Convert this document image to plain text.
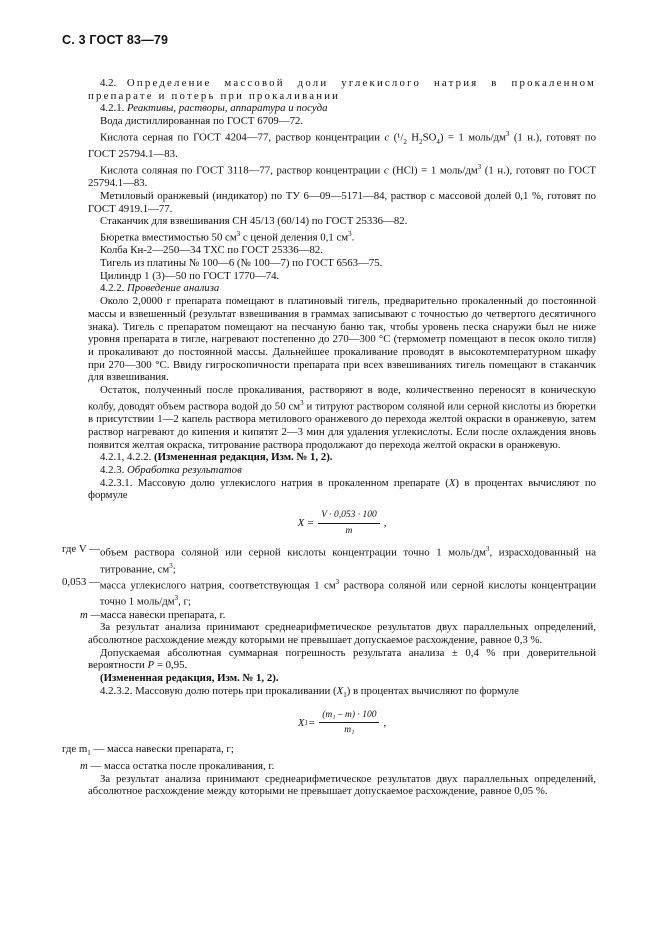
С. 3 ГОСТ 83—79

4.2. Определение массовой доли углекислого натрия в прокаленном препарате и потерь при прокаливании

4.2.1. Реактивы, растворы, аппаратура и посуда

Вода дистиллированная по ГОСТ 6709—72.

Кислота серная по ГОСТ 4204—77, раствор концентрации c ($^1/_2$ $H_2SO_4) = 1$ моль/$дм^3$ (1 н.), готовят по ГОСТ 25794.1—83.

Кислота соляная по ГОСТ 3118—77, раствор концентрации c (HCl) = 1 моль/$дм^3$ (1 н.), готовят по ГОСТ 25794.1—83.

Метиловый оранжевый (индикатор) по ТУ 6—09—5171—84, раствор с массовой долей 0,1 %, готовят по ГОСТ 4919.1—77.

Стаканчик для взвешивания СН 45/13 (60/14) по ГОСТ 25336—82.

Бюретка вместимостью 50 $см^3$ с ценой деления 0,1 $см^3$.

Колба Кн-2—250—34 ТХС по ГОСТ 25336—82.

Тигель из платины № 100—6 (№ 100—7) по ГОСТ 6563—75.

Цилиндр 1 (3)—50 по ГОСТ 1770—74.

4.2.2. Проведение анализа

Около 2,0000 г препарата помещают в платиновый тигель, предварительно прокаленный до постоянной массы и взвешенный (результат взвешивания в граммах записывают с точностью до четвертого десятичного знака). Тигель с препаратом помещают на песчаную баню так, чтобы уровень песка снаружи был не ниже уровня препарата в тигле, нагревают постепенно до 270—300 °С (термометр помещают в песок около тигля) и прокаливают до постоянной массы. Дальнейшее прокаливание проводят в высокотемпературном шкафу при 270—300 °С. Ввиду гигроскопичности препарата при всех взвешиваниях тигель помещают в стаканчик для взвешивания.

Остаток, полученный после прокаливания, растворяют в воде, количественно переносят в коническую колбу, доводят объем раствора водой до 50 $см^3$ и титруют раствором соляной или серной кислоты из бюретки в присутствии 1—2 капель раствора метилового оранжевого до перехода желтой окраски в оранжевую, затем раствор нагревают до кипения и кипятят 2—3 мин для удаления углекислоты. Если после охлаждения вновь появится желтая окраска, титрование раствора продолжают до перехода желтой окраски в оранжевую.

4.2.1, 4.2.2. (Измененная редакция, Изм. № 1, 2).

4.2.3. Обработка результатов

4.2.3.1. Массовую долю углекислого натрия в прокаленном препарате (X) в процентах вычисляют по формуле

$X = \frac{V \cdot 0,053 \cdot 100}{m}$ ,
где V — объем раствора соляной или серной кислоты концентрации точно 1 моль/$дм^3$, израсходованный на титрование, $см^3$;
0,053 — масса углекислого натрия, соответствующая 1 $см^3$ раствора соляной или серной кислоты концентрации точно 1 моль/$дм^3$, г;
m — масса навески препарата, г.

За результат анализа принимают среднеарифметическое результатов двух параллельных определений, абсолютное расхождение между которыми не превышает допускаемое расхождение, равное 0,3 %.

Допускаемая абсолютная суммарная погрешность результата анализа ± 0,4 % при доверительной вероятности P = 0,95.

(Измененная редакция, Изм. № 1, 2).

4.2.3.2. Массовую долю потерь при прокаливании $(X_1)$ в процентах вычисляют по формуле

X $1 = \frac{\text{(m₁ – m) · 100}}{\text{m₁}}$ ,

где $m_1$ — масса навески препарата, г;

m — масса остатка после прокаливания, г.

За результат анализа принимают среднеарифметическое результатов двух параллельных определений, абсолютное расхождение между которыми не превышает допускаемое расхождение, равное 0,05 %.
